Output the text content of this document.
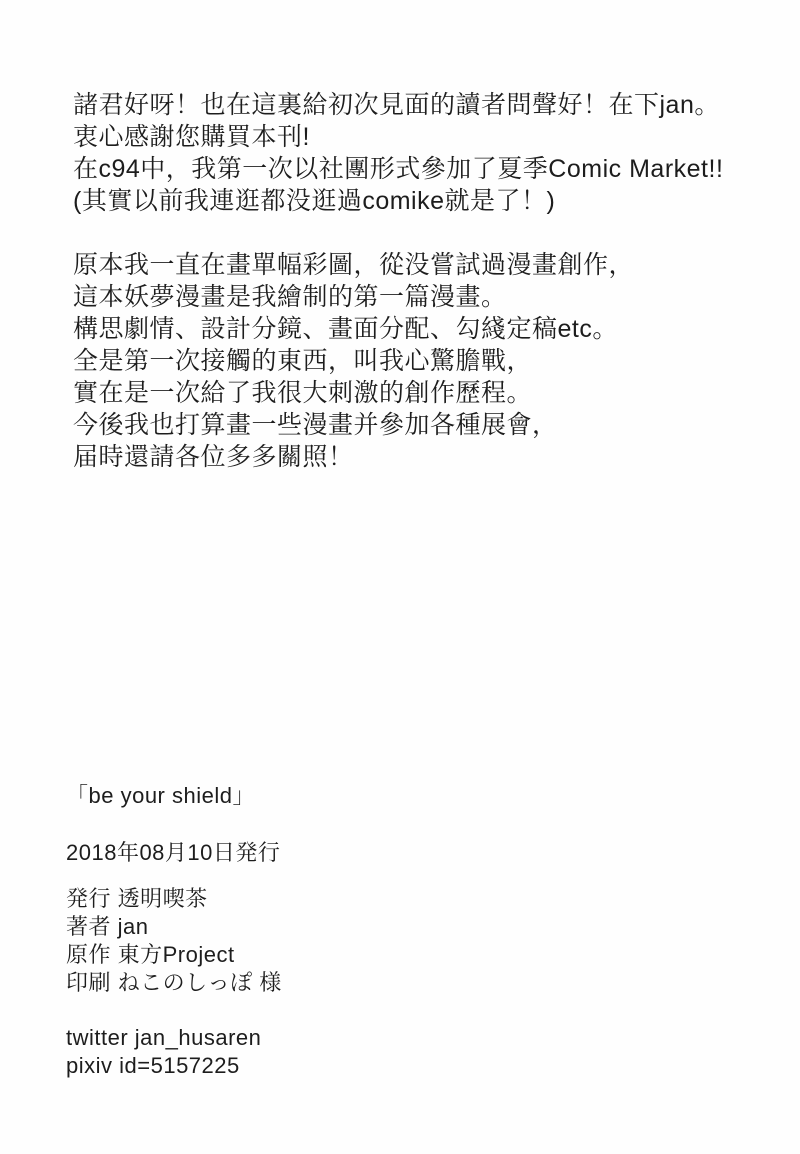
諸君好呀！也在這裏給初次見面的讀者問聲好！在下jan。
衷心感謝您購買本刊!
在c94中，我第一次以社團形式參加了夏季Comic Market!!
(其實以前我連逛都没逛過comike就是了！)
原本我一直在畫單幅彩圖，從没嘗試過漫畫創作，
這本妖夢漫畫是我繪制的第一篇漫畫。
構思劇情、設計分鏡、畫面分配、勾綫定稿etc。
全是第一次接觸的東西，叫我心驚膽戰，
實在是一次給了我很大刺激的創作歷程。
今後我也打算畫一些漫畫并參加各種展會，
届時還請各位多多關照！
「be your shield」
2018年08月10日発行
発行 透明喫茶
著者 jan
原作 東方Project
印刷 ねこのしっぽ 様
twitter jan_husaren
pixiv id=5157225
